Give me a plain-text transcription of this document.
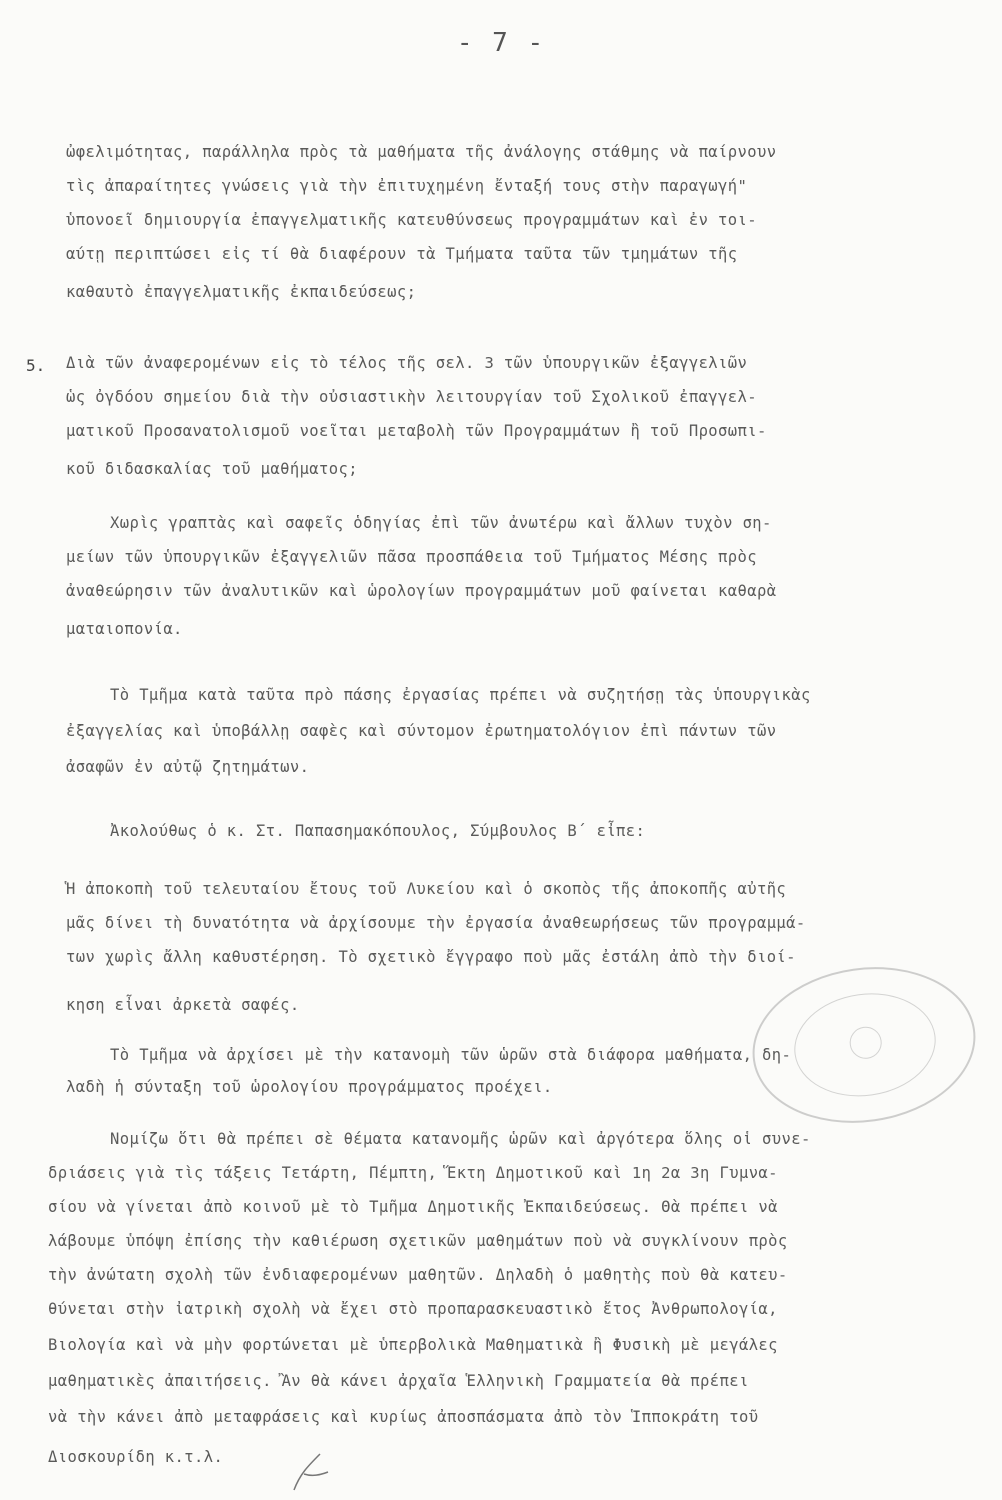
- 7 -
ὠφελιμότητας, παράλληλα πρὸς τὰ μαθήματα τῆς ἀνάλογης στάθμης νὰ παίρνουν
τὶς ἀπαραίτητες γνώσεις γιὰ τὴν ἐπιτυχημένη ἔνταξή τους στὴν παραγωγή"
ὑπονοεῖ δημιουργία ἐπαγγελματικῆς κατευθύνσεως προγραμμάτων καὶ ἐν τοι-
αύτῃ περιπτώσει εἰς τί θὰ διαφέρουν τὰ Τμήματα ταῦτα τῶν τμημάτων τῆς
καθαυτὸ ἐπαγγελματικῆς ἐκπαιδεύσεως;
5. Διὰ τῶν ἀναφερομένων εἰς τὸ τέλος τῆς σελ. 3 τῶν ὑπουργικῶν ἐξαγγελιῶν
ὡς ὀγδόου σημείου διὰ τὴν οὐσιαστικὴν λειτουργίαν τοῦ Σχολικοῦ ἐπαγγελ-
ματικοῦ Προσανατολισμοῦ νοεῖται μεταβολὴ τῶν Προγραμμάτων ἢ τοῦ Προσωπι-
κοῦ διδασκαλίας τοῦ μαθήματος;
Χωρὶς γραπτὰς καὶ σαφεῖς ὁδηγίας ἐπὶ τῶν ἀνωτέρω καὶ ἄλλων τυχὸν ση-
μείων τῶν ὑπουργικῶν ἐξαγγελιῶν πᾶσα προσπάθεια τοῦ Τμήματος Μέσης πρὸς
ἀναθεώρησιν τῶν ἀναλυτικῶν καὶ ὡρολογίων προγραμμάτων μοῦ φαίνεται καθαρὰ
ματαιοπονία.
Τὸ Τμῆμα κατὰ ταῦτα πρὸ πάσης ἐργασίας πρέπει νὰ συζητήσῃ τὰς ὑπουργικὰς
ἐξαγγελίας καὶ ὑποβάλλῃ σαφὲς καὶ σύντομον ἐρωτηματολόγιον ἐπὶ πάντων τῶν
ἀσαφῶν ἐν αὐτῷ ζητημάτων.
Ἀκολούθως ὁ κ. Στ. Παπασημακόπουλος, Σύμβουλος Β΄ εἶπε:
Ἡ ἀποκοπὴ τοῦ τελευταίου ἔτους τοῦ Λυκείου καὶ ὁ σκοπὸς τῆς ἀποκοπῆς αὐτῆς
μᾶς δίνει τὴ δυνατότητα νὰ ἀρχίσουμε τὴν ἐργασία ἀναθεωρήσεως τῶν προγραμμά-
των χωρὶς ἄλλη καθυστέρηση. Τὸ σχετικὸ ἔγγραφο ποὺ μᾶς ἐστάλη ἀπὸ τὴν διοί-
κηση εἶναι ἀρκετὰ σαφές.
Τὸ Τμῆμα νὰ ἀρχίσει μὲ τὴν κατανομὴ τῶν ὡρῶν στὰ διάφορα μαθήματα, δη-
λαδὴ ἡ σύνταξη τοῦ ὡρολογίου προγράμματος προέχει.
Νομίζω ὅτι θὰ πρέπει σὲ θέματα κατανομῆς ὡρῶν καὶ ἀργότερα ὅλης οἱ συνε-
δριάσεις γιὰ τὶς τάξεις Τετάρτη, Πέμπτη, Ἕκτη Δημοτικοῦ καὶ 1η 2α 3η Γυμνα-
σίου νὰ γίνεται ἀπὸ κοινοῦ μὲ τὸ Τμῆμα Δημοτικῆς Ἐκπαιδεύσεως. Θὰ πρέπει νὰ
λάβουμε ὑπόψη ἐπίσης τὴν καθιέρωση σχετικῶν μαθημάτων ποὺ νὰ συγκλίνουν πρὸς
τὴν ἀνώτατη σχολὴ τῶν ἐνδιαφερομένων μαθητῶν. Δηλαδὴ ὁ μαθητὴς ποὺ θὰ κατευ-
θύνεται στὴν ἰατρικὴ σχολὴ νὰ ἔχει στὸ προπαρασκευαστικὸ ἔτος Ἀνθρωπολογία,
Βιολογία καὶ νὰ μὴν φορτώνεται μὲ ὑπερβολικὰ Μαθηματικὰ ἢ Φυσικὴ μὲ μεγάλες
μαθηματικὲς ἀπαιτήσεις. Ἂν θὰ κάνει ἀρχαῖα Ἑλληνικὴ Γραμματεία θὰ πρέπει
νὰ τὴν κάνει ἀπὸ μεταφράσεις καὶ κυρίως ἀποσπάσματα ἀπὸ τὸν Ἱπποκράτη τοῦ
Διοσκουρίδη κ.τ.λ.
